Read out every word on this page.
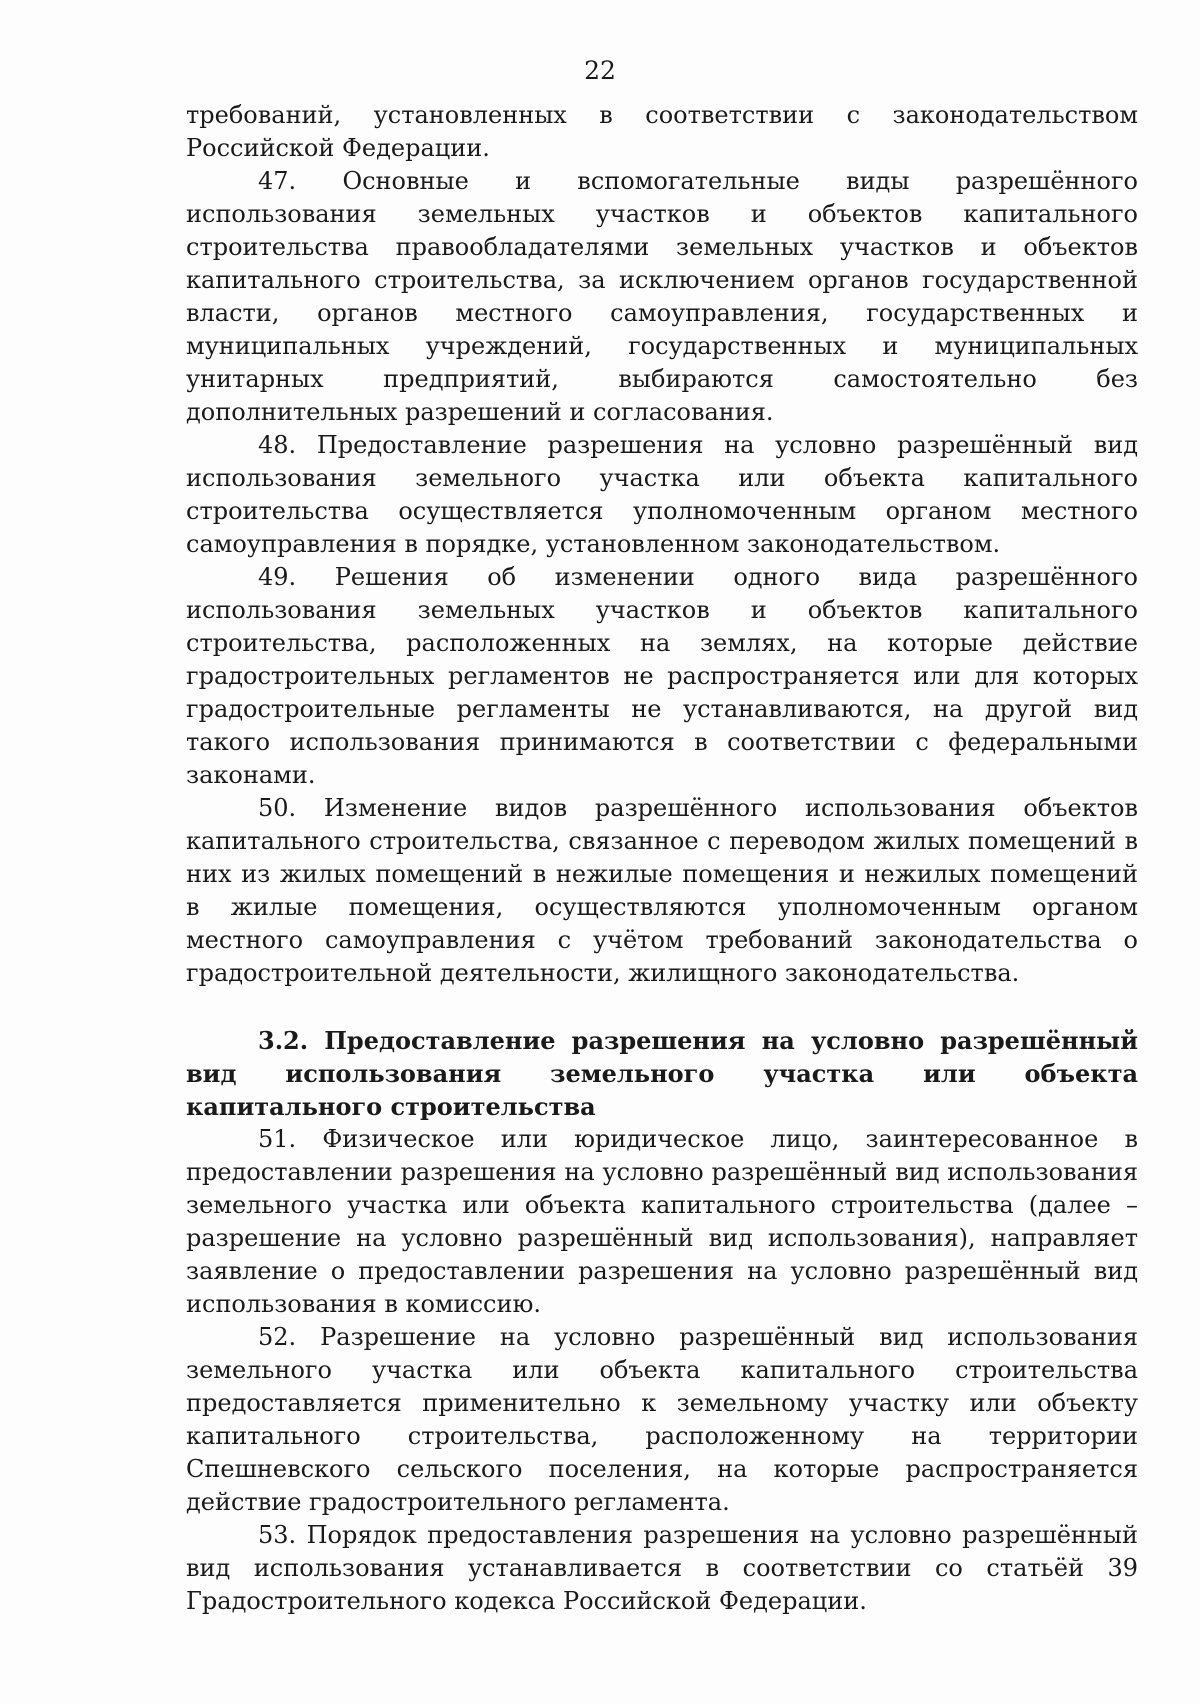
22

требований, установленных в соответствии с законодательством Российской Федерации.

47. Основные и вспомогательные виды разрешённого использования земельных участков и объектов капитального строительства правообладателями земельных участков и объектов капитального строительства, за исключением органов государственной власти, органов местного самоуправления, государственных и муниципальных учреждений, государственных и муниципальных унитарных предприятий, выбираются самостоятельно без дополнительных разрешений и согласования.

48. Предоставление разрешения на условно разрешённый вид использования земельного участка или объекта капитального строительства осуществляется уполномоченным органом местного самоуправления в порядке, установленном законодательством.

49. Решения об изменении одного вида разрешённого использования земельных участков и объектов капитального строительства, расположенных на землях, на которые действие градостроительных регламентов не распространяется или для которых градостроительные регламенты не устанавливаются, на другой вид такого использования принимаются в соответствии с федеральными законами.

50. Изменение видов разрешённого использования объектов капитального строительства, связанное с переводом жилых помещений в них из жилых помещений в нежилые помещения и нежилых помещений в жилые помещения, осуществляются уполномоченным органом местного самоуправления с учётом требований законодательства о градостроительной деятельности, жилищного законодательства.

3.2. Предоставление разрешения на условно разрешённый вид использования земельного участка или объекта капитального строительства

51. Физическое или юридическое лицо, заинтересованное в предоставлении разрешения на условно разрешённый вид использования земельного участка или объекта капитального строительства (далее – разрешение на условно разрешённый вид использования), направляет заявление о предоставлении разрешения на условно разрешённый вид использования в комиссию.

52. Разрешение на условно разрешённый вид использования земельного участка или объекта капитального строительства предоставляется применительно к земельному участку или объекту капитального строительства, расположенному на территории Спешневского сельского поселения, на которые распространяется действие градостроительного регламента.

53. Порядок предоставления разрешения на условно разрешённый вид использования устанавливается в соответствии со статьёй 39 Градостроительного кодекса Российской Федерации.
